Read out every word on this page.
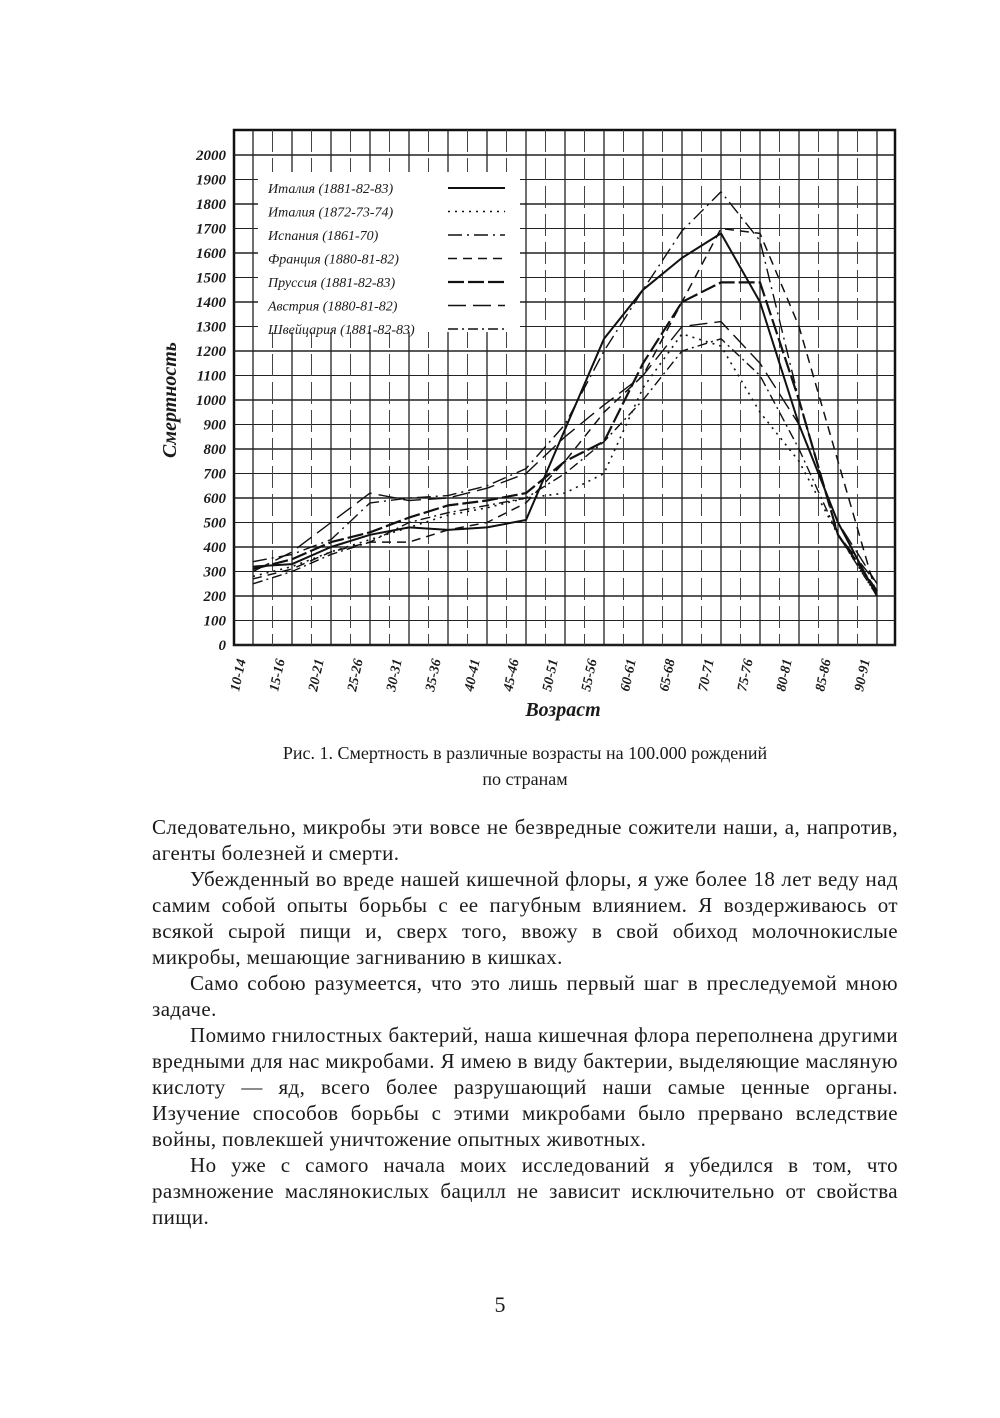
0
100
200
300
400
500
600
700
800
900
1000
1100
1200
1300
1400
1500
1600
1700
1800
1900
2000
10-14 15-16 20-21 25-26 30-31 35-36 40-41 45-46 50-51 55-56 60-61 65-68 70-71 75-76 80-81 85-86 90-91
Италия (1881-82-83)
Италия (1872-73-74)
Испания (1861-70)
Франция (1880-81-82)
Пруссия (1881-82-83)
Австрия (1880-81-82)
Швейцария (1881-82-83)
Смертность
Возраст
Рис. 1. Смертность в различные возрасты на 100.000 рождений
по странам

Следовательно, микробы эти вовсе не безвредные сожители наши, а, напротив, агенты болезней и смерти.

Убежденный во вреде нашей кишечной флоры, я уже более 18 лет веду над самим собой опыты борьбы с ее пагубным влиянием. Я воздерживаюсь от всякой сырой пищи и, сверх того, ввожу в свой обиход молочнокислые микробы, мешающие загниванию в кишках.

Само собою разумеется, что это лишь первый шаг в преследуемой мною задаче.

Помимо гнилостных бактерий, наша кишечная флора переполнена другими вредными для нас микробами. Я имею в виду бактерии, выделяющие масляную кислоту — яд, всего более разрушающий наши самые ценные органы. Изучение способов борьбы с этими микробами было прервано вследствие войны, повлекшей уничтожение опытных животных.

Но уже с самого начала моих исследований я убедился в том, что размножение маслянокислых бацилл не зависит исключительно от свойства пищи.

5
